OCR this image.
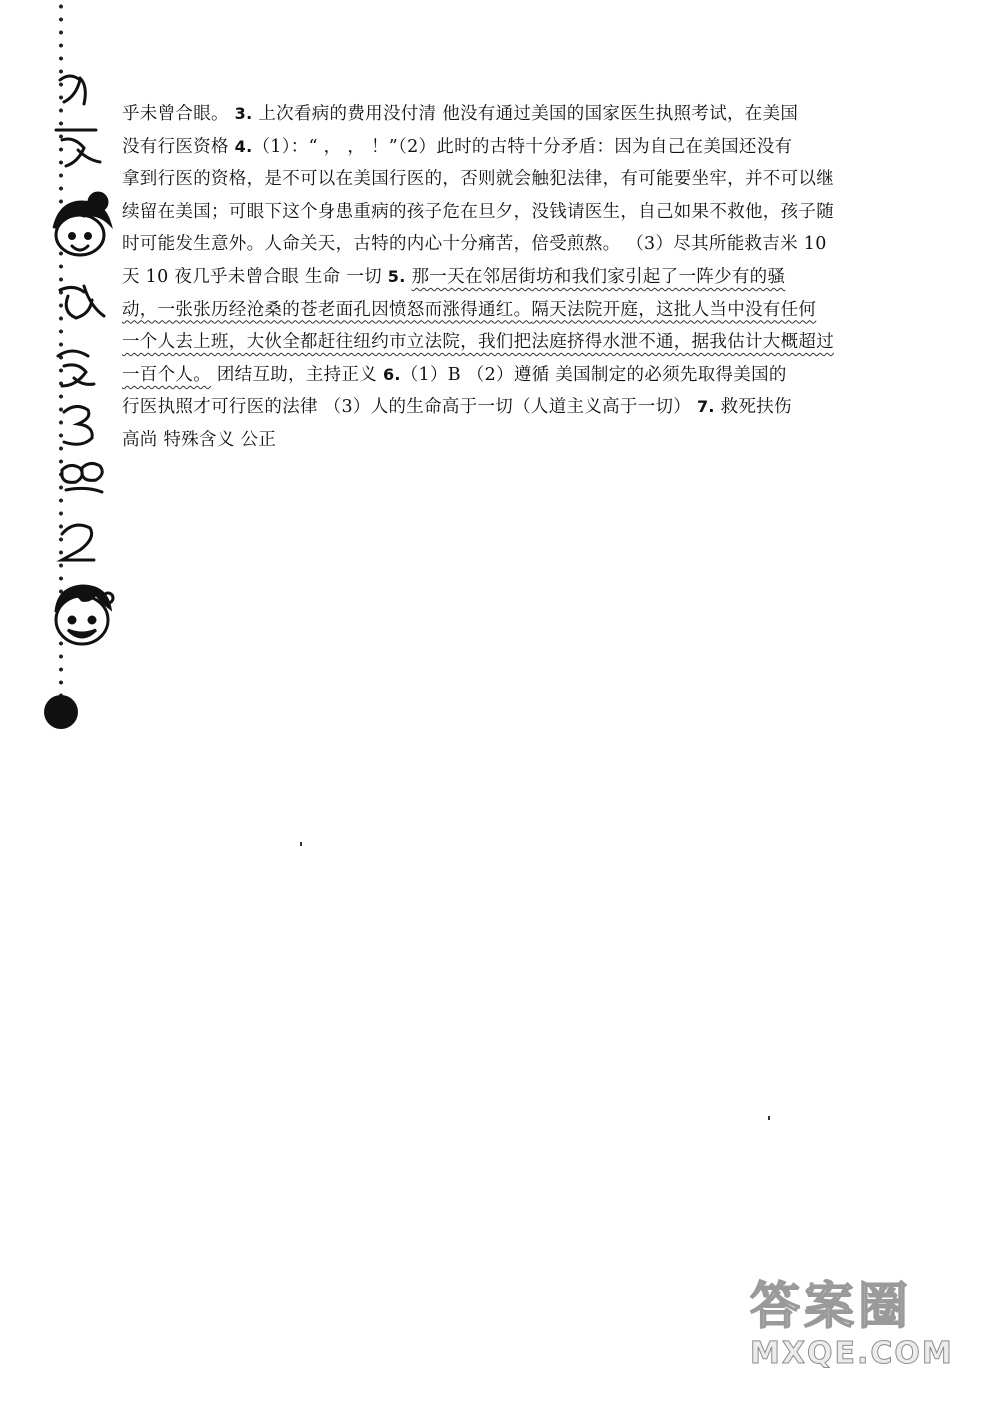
乎未曾合眼。 3. 上次看病的费用没付清 他没有通过美国的国家医生执照考试，在美国
没有行医资格 4.（1）：“ ， ， ！”（2）此时的古特十分矛盾：因为自己在美国还没有
拿到行医的资格，是不可以在美国行医的，否则就会触犯法律，有可能要坐牢，并不可以继
续留在美国；可眼下这个身患重病的孩子危在旦夕，没钱请医生，自己如果不救他，孩子随
时可能发生意外。人命关天，古特的内心十分痛苦，倍受煎熬。 （3）尽其所能救吉米 10
天 10 夜几乎未曾合眼 生命 一切 5. 那一天在邻居街坊和我们家引起了一阵少有的骚
动，一张张历经沧桑的苍老面孔因愤怒而涨得通红。隔天法院开庭，这批人当中没有任何
一个人去上班，大伙全都赶往纽约市立法院，我们把法庭挤得水泄不通，据我估计大概超过
一百个人。 团结互助，主持正义 6.（1）B （2）遵循 美国制定的必须先取得美国的
行医执照才可行医的法律 （3）人的生命高于一切（人道主义高于一切） 7. 救死扶伤
高尚 特殊含义 公正
答案圈
MXQE.COM
